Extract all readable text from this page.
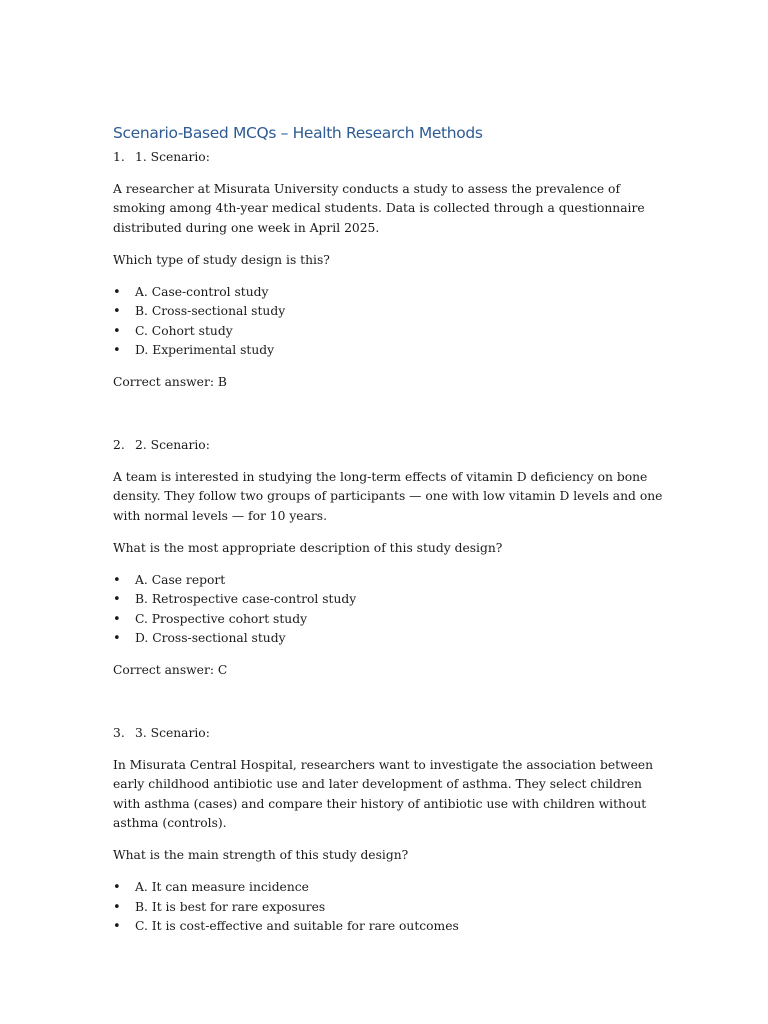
Scenario-Based MCQs – Health Research Methods
1. 1. Scenario:

A researcher at Misurata University conducts a study to assess the prevalence of smoking among 4th-year medical students. Data is collected through a questionnaire distributed during one week in April 2025.

Which type of study design is this?

• A. Case-control study
• B. Cross-sectional study
• C. Cohort study
• D. Experimental study

Correct answer: B

2. 2. Scenario:

A team is interested in studying the long-term effects of vitamin D deficiency on bone density. They follow two groups of participants — one with low vitamin D levels and one with normal levels — for 10 years.

What is the most appropriate description of this study design?

• A. Case report
• B. Retrospective case-control study
• C. Prospective cohort study
• D. Cross-sectional study

Correct answer: C

3. 3. Scenario:

In Misurata Central Hospital, researchers want to investigate the association between early childhood antibiotic use and later development of asthma. They select children with asthma (cases) and compare their history of antibiotic use with children without asthma (controls).

What is the main strength of this study design?

• A. It can measure incidence
• B. It is best for rare exposures
• C. It is cost-effective and suitable for rare outcomes
